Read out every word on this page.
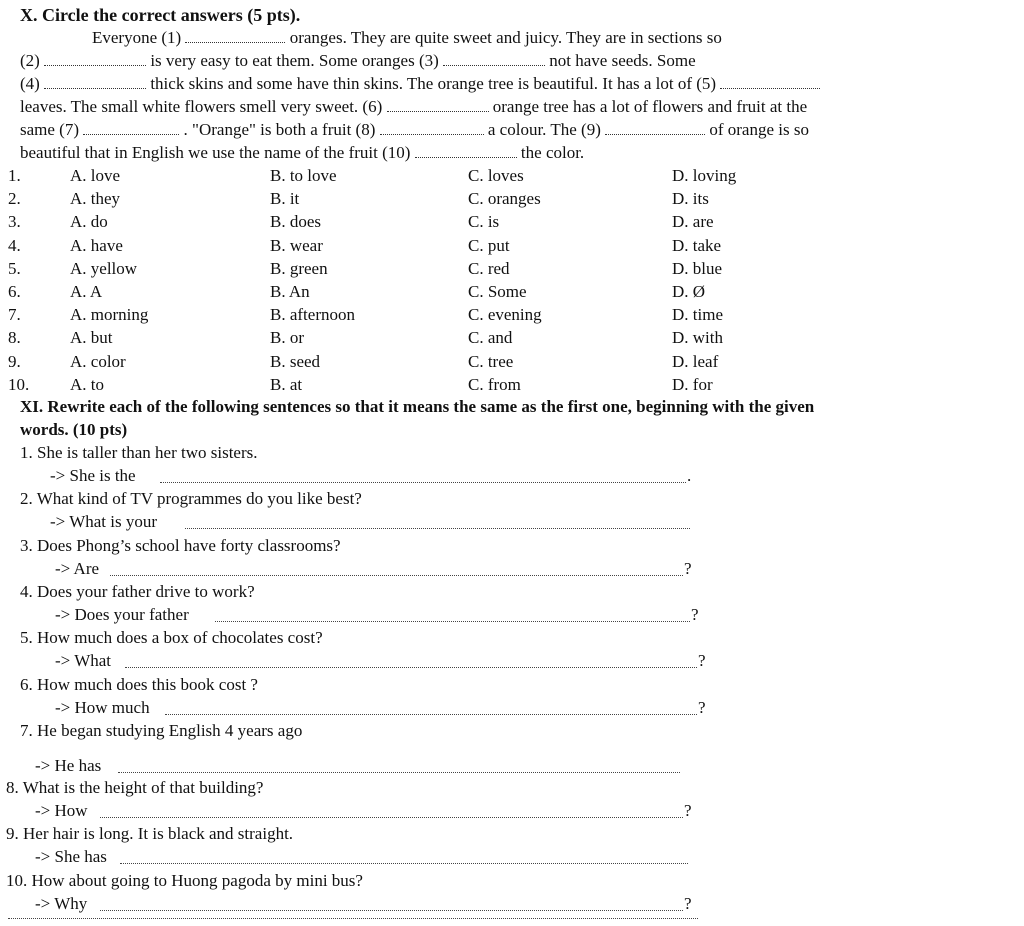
X. Circle the correct answers (5 pts).
Everyone (1)	oranges. They are quite sweet and juicy. They are in sections so
(2)	is very easy to eat them. Some oranges (3)	not have seeds. Some
(4)	thick skins and some have thin skins. The orange tree is beautiful. It has a lot of (5)
leaves. The small white flowers smell very sweet. (6)	orange tree has a lot of flowers and fruit at the
same (7)	. "Orange" is both a fruit (8)	a colour. The (9)	of orange is so
beautiful that in English we use the name of the fruit (10)	the color.
1.	A. love	B. to love	C. loves	D. loving
2.	A. they	B. it	C. oranges	D. its
3.	A. do	B. does	C. is	D. are
4.	A. have	B. wear	C. put	D. take
5.	A. yellow	B. green	C. red	D. blue
6.	A. A	B. An	C. Some	D. Ø
7.	A. morning	B. afternoon	C. evening	D. time
8.	A. but	B. or	C. and	D. with
9.	A. color	B. seed	C. tree	D. leaf
10. A. to	B. at	C. from	D. for
XI. Rewrite each of the following sentences so that it means the same as the first one, beginning with the given
words. (10 pts)
1. She is taller than her two sisters.
-> She is the	.
2. What kind of TV programmes do you like best?
-> What is your
3. Does Phong’s school have forty classrooms?
-> Are	?
4. Does your father drive to work?
-> Does your father	?
5. How much does a box of chocolates cost?
-> What	?
6. How much does this book cost ?
-> How much	?
7. He began studying English 4 years ago
-> He has
8. What is the height of that building?
-> How	?
9. Her hair is long. It is black and straight.
-> She has
10. How about going to Huong pagoda by mini bus?
-> Why	?
